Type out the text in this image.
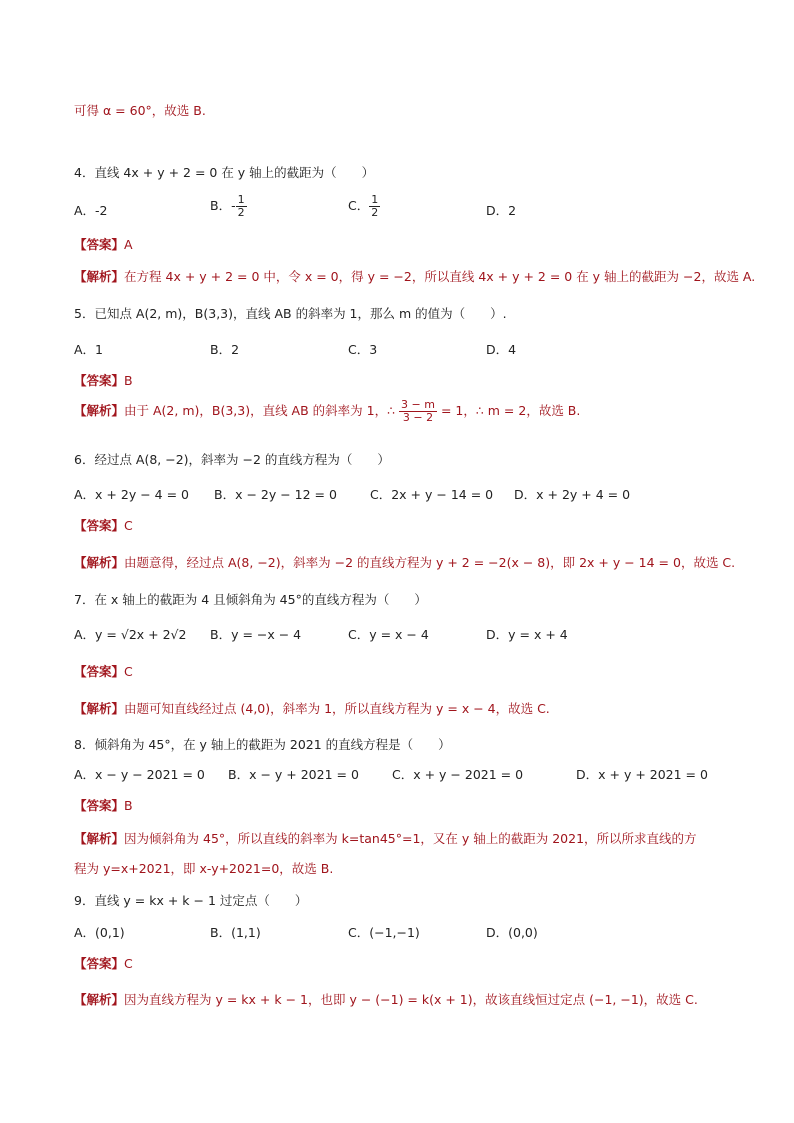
可得 α = 60°，故选 B.
4．直线 4x + y + 2 = 0 在 y 轴上的截距为（　　）
A．-2	B．- $\frac{1}{2}$	C． $\frac{1}{2}$	D．2
【答案】A
【解析】在方程 4x + y + 2 = 0 中，令 x = 0，得 y = −2，所以直线 4x + y + 2 = 0 在 y 轴上的截距为 −2，故选 A.
5．已知点 A(2, m)，B(3,3)，直线 AB 的斜率为 1，那么 m 的值为（　　）.
A．1	B．2	C．3	D．4
【答案】B
【解析】由于 A(2, m)，B(3,3)，直线 AB 的斜率为 1，∴ $\frac{3 - m}{3 - 2} = 1$，∴ m = 2，故选 B.
6．经过点 A(8, −2)，斜率为 −2 的直线方程为（　　）
A．x + 2y − 4 = 0 B．x − 2y − 12 = 0	C．2x + y − 14 = 0 D．x + 2y + 4 = 0
【答案】C
【解析】由题意得，经过点 A(8, −2)，斜率为 −2 的直线方程为 y + 2 = −2(x − 8)，即 2x + y − 14 = 0，故选 C.
7．在 x 轴上的截距为 4 且倾斜角为 45°的直线方程为（　　）
A．y = √2x + 2√2 B．y = −x − 4	C．y = x − 4	D．y = x + 4
【答案】C
【解析】由题可知直线经过点 (4,0)，斜率为 1，所以直线方程为 y = x − 4，故选 C.
8．倾斜角为 45°，在 y 轴上的截距为 2021 的直线方程是（　　）
A．x − y − 2021 = 0 B．x − y + 2021 = 0	C．x + y − 2021 = 0	D．x + y + 2021 = 0
【答案】B
【解析】因为倾斜角为 45°，所以直线的斜率为 k=tan45°=1，又在 y 轴上的截距为 2021，所以所求直线的方
程为 y=x+2021，即 x-y+2021=0，故选 B.
9．直线 y = kx + k − 1 过定点（　　）
A．(0,1)	B．(1,1)	C．(−1,−1)	D．(0,0)
【答案】C
【解析】因为直线方程为 y = kx + k − 1，也即 y − (−1) = k(x + 1)，故该直线恒过定点 (−1, −1)，故选 C.
